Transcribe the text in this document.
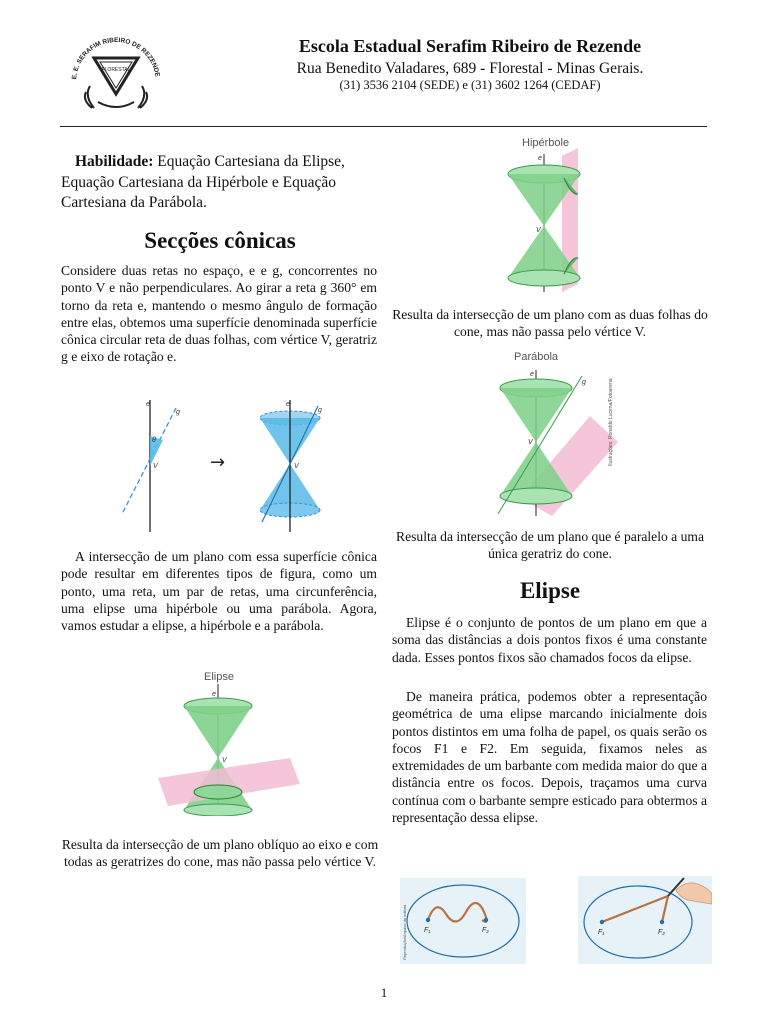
E. E. SERAFIM RIBEIRO DE REZENDE
FLORESTAL
Escola Estadual Serafim Ribeiro de Rezende
Rua Benedito Valadares, 689 - Florestal - Minas Gerais.
(31) 3536 2104 (SEDE) e (31) 3602 1264 (CEDAF)
Habilidade: Equação Cartesiana da Elipse, Equação Cartesiana da Hipérbole e Equação Cartesiana da Parábola.
Secções cônicas
Considere duas retas no espaço, e e g, concorrentes no ponto V e não perpendiculares. Ao girar a reta g 360° em torno da reta e, mantendo o mesmo ângulo de formação entre elas, obtemos uma superfície denominada superfície cônica circular reta de duas folhas, com vértice V, geratriz g e eixo de rotação e.
e
g
θ
V	→
e
g
V
A intersecção de um plano com essa superfície cônica pode resultar em diferentes tipos de figura, como um ponto, uma reta, um par de retas, uma circunferência, uma elipse uma hipérbole ou uma parábola. Agora, vamos estudar a elipse, a hipérbole e a parábola.
Elipse
e
V
Resulta da intersecção de um plano oblíquo ao eixo e com todas as geratrizes do cone, mas não passa pelo vértice V.
Hipérbole
e
V
Resulta da intersecção de um plano com as duas folhas do cone, mas não passa pelo vértice V.
Parábola
e
g
V	Ilustrações: Ronaldo Lucena/Fotoarena
Resulta da intersecção de um plano que é paralelo a uma única geratriz do cone.
Elipse
Elipse é o conjunto de pontos de um plano em que a soma das distâncias a dois pontos fixos é uma constante dada. Esses pontos fixos são chamados focos da elipse.
De maneira prática, podemos obter a representação geométrica de uma elipse marcando inicialmente dois pontos distintos em uma folha de papel, os quais serão os focos F1 e F2. Em seguida, fixamos neles as extremidades de um barbante com medida maior do que a distância entre os focos. Depois, traçamos uma curva contínua com o barbante sempre esticado para obtermos a representação dessa elipse.
F₁	F₂
Reprodução/Arquivo da editora	F₁	F₂
1
